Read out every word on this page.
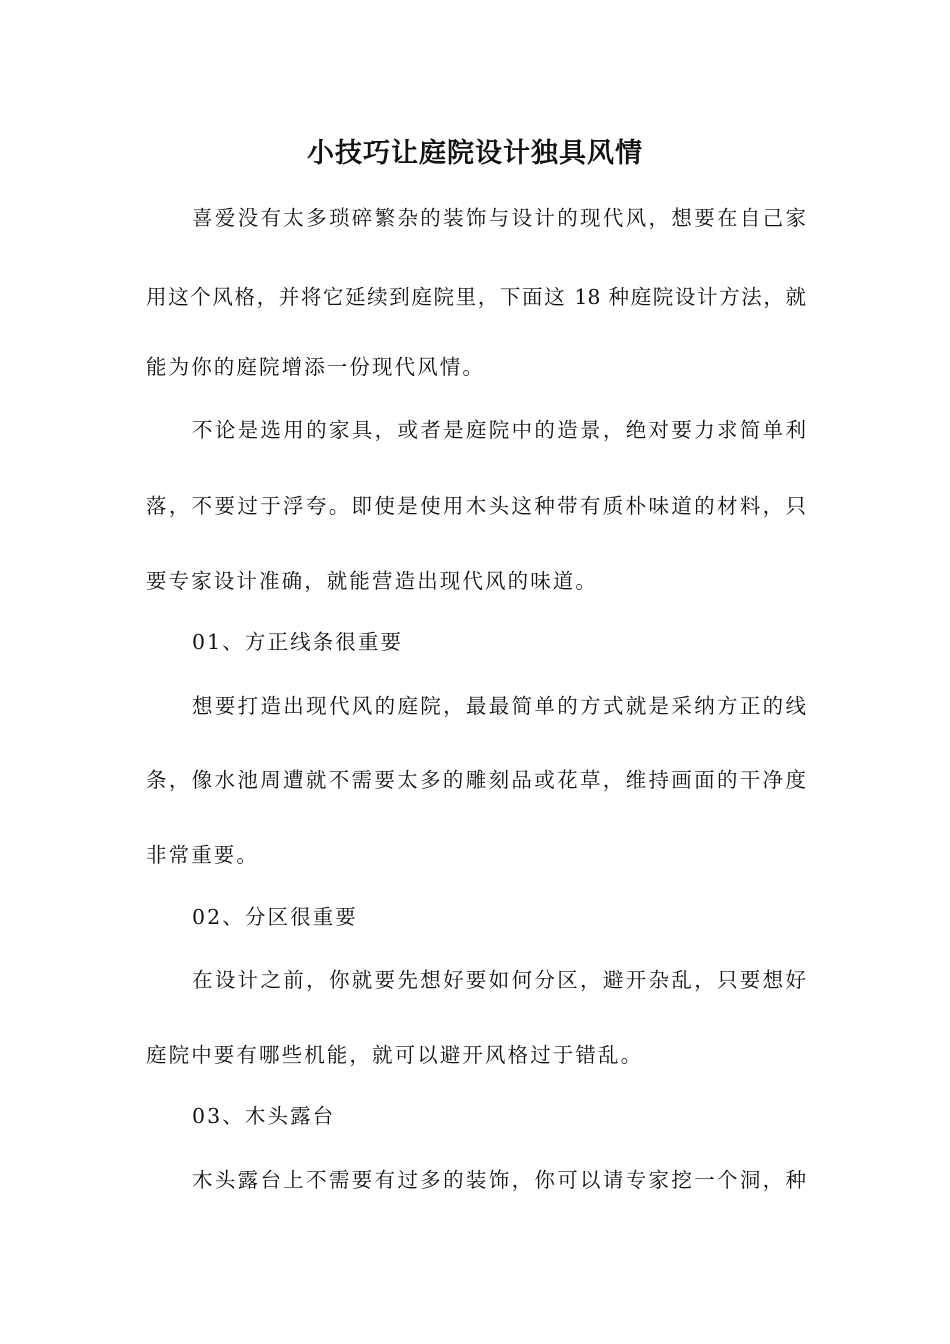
小技巧让庭院设计独具风情
喜爱没有太多琐碎繁杂的装饰与设计的现代风，想要在自己家
用这个风格，并将它延续到庭院里，下面这 18 种庭院设计方法，就
能为你的庭院增添一份现代风情。
不论是选用的家具，或者是庭院中的造景，绝对要力求简单利
落，不要过于浮夸。即使是使用木头这种带有质朴味道的材料，只
要专家设计准确，就能营造出现代风的味道。
01、方正线条很重要
想要打造出现代风的庭院，最最简单的方式就是采纳方正的线
条，像水池周遭就不需要太多的雕刻品或花草，维持画面的干净度
非常重要。
02、分区很重要
在设计之前，你就要先想好要如何分区，避开杂乱，只要想好
庭院中要有哪些机能，就可以避开风格过于错乱。
03、木头露台
木头露台上不需要有过多的装饰，你可以请专家挖一个洞，种
